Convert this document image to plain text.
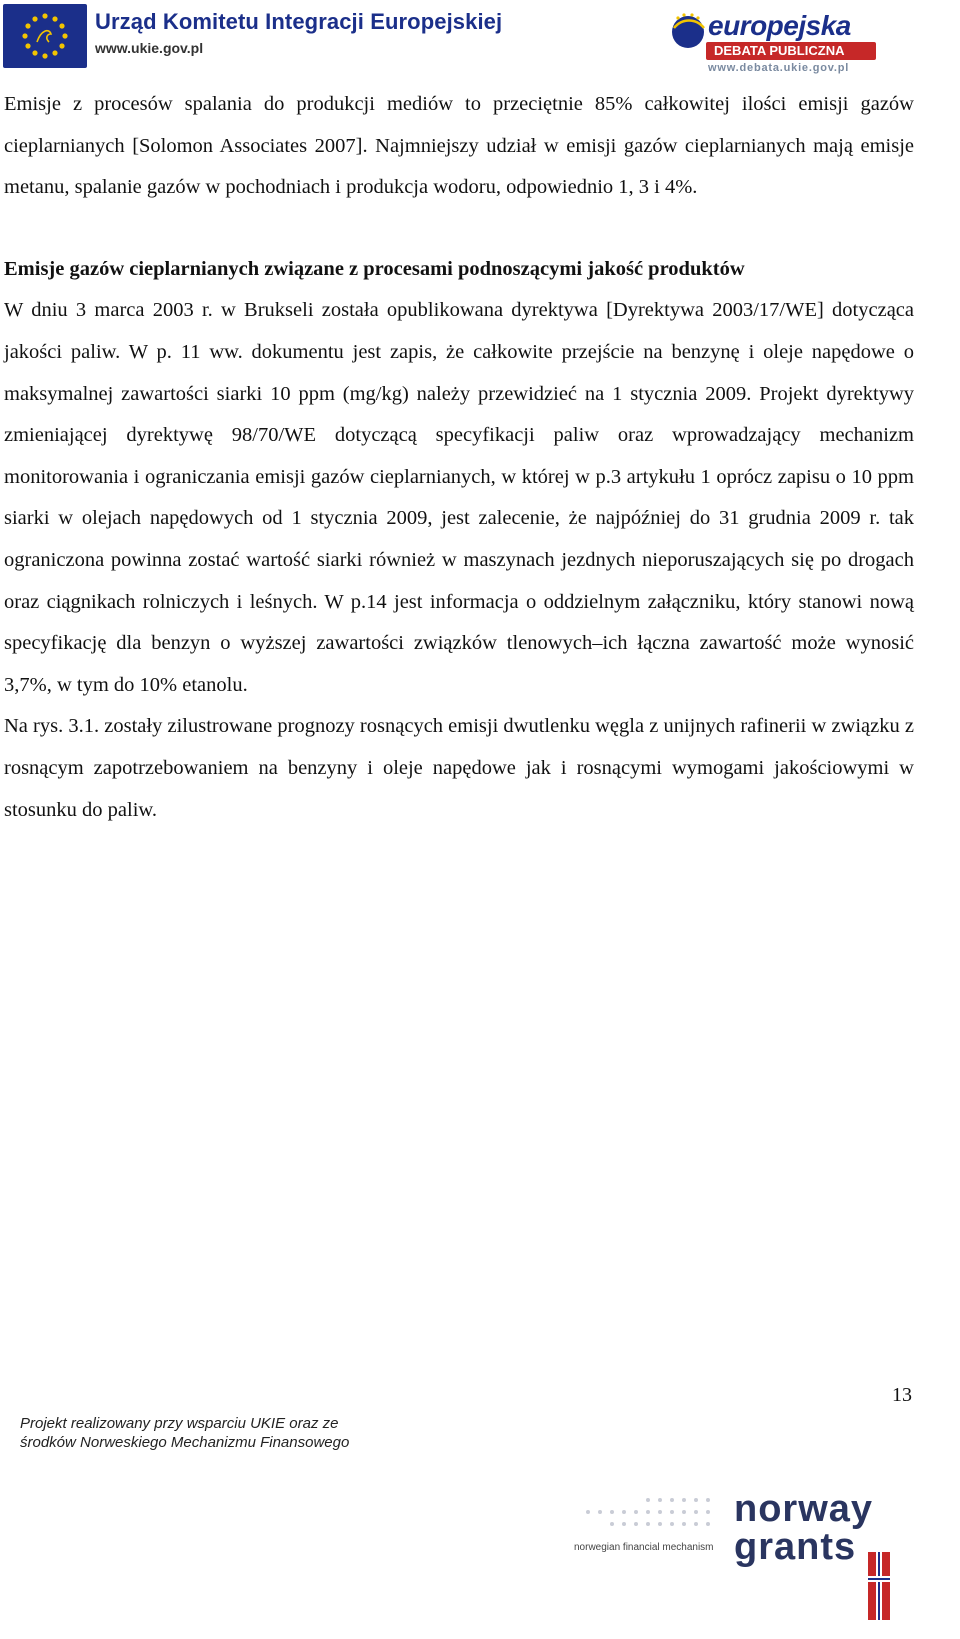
Urząd Komitetu Integracji Europejskiej
www.ukie.gov.pl
europejska
DEBATA PUBLICZNA
www.debata.ukie.gov.pl

Emisje z procesów spalania do produkcji mediów to przeciętnie 85% całkowitej ilości emisji gazów cieplarnianych [Solomon Associates 2007]. Najmniejszy udział w emisji gazów cieplarnianych mają emisje metanu, spalanie gazów w pochodniach i produkcja wodoru, odpowiednio 1, 3 i 4%.

Emisje gazów cieplarnianych związane z procesami podnoszącymi jakość produktów

W dniu 3 marca 2003 r. w Brukseli została opublikowana dyrektywa [Dyrektywa 2003/17/WE] dotycząca jakości paliw. W p. 11 ww. dokumentu jest zapis, że całkowite przejście na benzynę i oleje napędowe o maksymalnej zawartości siarki 10 ppm (mg/kg) należy przewidzieć na 1 stycznia 2009. Projekt dyrektywy zmieniającej dyrektywę 98/70/WE dotyczącą specyfikacji paliw oraz wprowadzający mechanizm monitorowania i ograniczania emisji gazów cieplarnianych, w której w p.3 artykułu 1 oprócz zapisu o 10 ppm siarki w olejach napędowych od 1 stycznia 2009, jest zalecenie, że najpóźniej do 31 grudnia 2009 r. tak ograniczona powinna zostać wartość siarki również w maszynach jezdnych nieporuszających się po drogach oraz ciągnikach rolniczych i leśnych. W p.14 jest informacja o oddzielnym załączniku, który stanowi nową specyfikację dla benzyn o wyższej zawartości związków tlenowych–ich łączna zawartość może wynosić 3,7%, w tym do 10% etanolu.

Na rys. 3.1. zostały zilustrowane prognozy rosnących emisji dwutlenku węgla z unijnych rafinerii w związku z rosnącym zapotrzebowaniem na benzyny i oleje napędowe jak i rosnącymi wymogami jakościowymi w stosunku do paliw.

13
Projekt realizowany przy wsparciu UKIE oraz ze
środków Norweskiego Mechanizmu Finansowego
norway
grants
norwegian financial mechanism
